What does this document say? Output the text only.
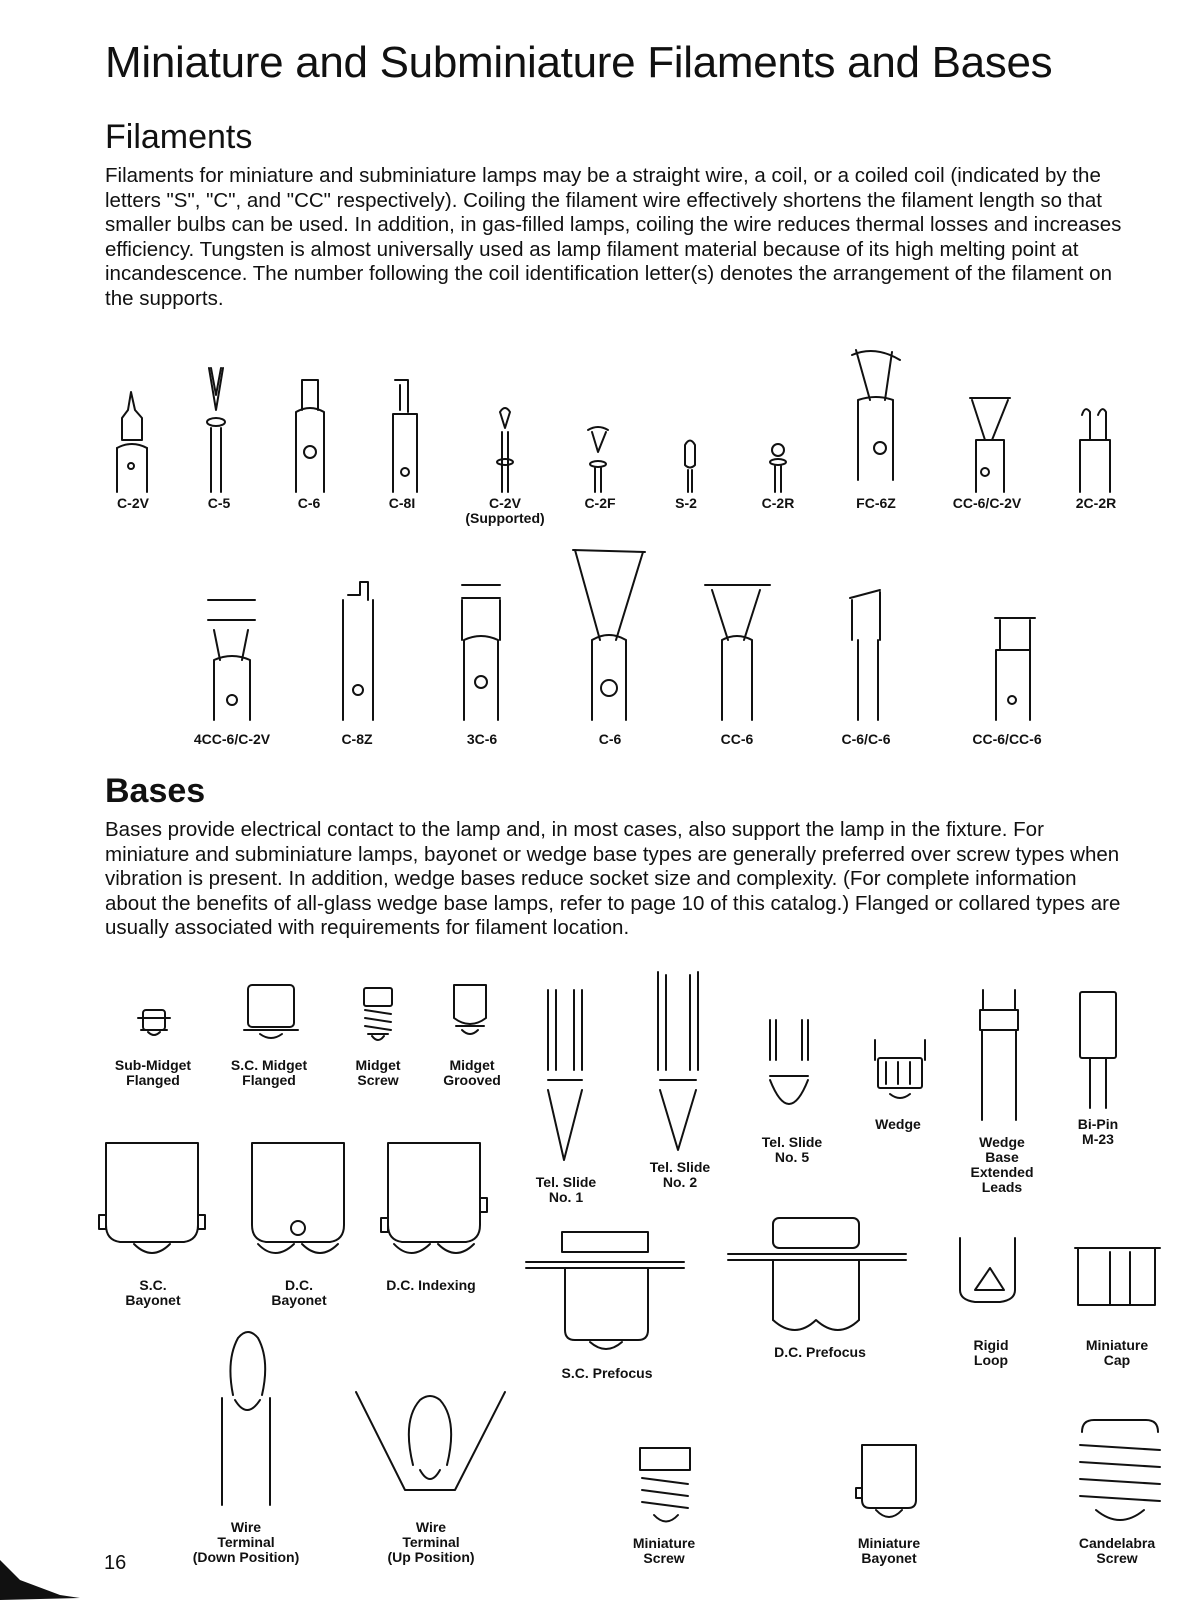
Miniature and Subminiature Filaments and Bases
Filaments

Filaments for miniature and subminiature lamps may be a straight wire, a coil, or a coiled coil (indicated by the letters "S", "C", and "CC" respectively). Coiling the filament wire effectively shortens the filament length so that smaller bulbs can be used. In addition, in gas-filled lamps, coiling the wire reduces thermal losses and increases efficiency. Tungsten is almost universally used as lamp filament material because of its high melting point at incandescence. The number following the coil identification letter(s) denotes the arrangement of the filament on the supports.

Bases

Bases provide electrical contact to the lamp and, in most cases, also support the lamp in the fixture. For miniature and subminiature lamps, bayonet or wedge base types are generally preferred over screw types when vibration is present. In addition, wedge bases reduce socket size and complexity. (For complete information about the benefits of all-glass wedge base lamps, refer to page 10 of this catalog.) Flanged or collared types are usually associated with requirements for filament location.

C-2V	C-5	C-6	C-8I	C-2V
(Supported)
C-2F	S-2	C-2R	FC-6Z	CC-6/C-2V	2C-2R
4CC-6/C-2V	C-8Z	3C-6	C-6	CC-6	C-6/C-6	CC-6/CC-6
Sub-Midget
Flanged
S.C. Midget
Flanged
Midget
Screw
Midget
Grooved
Tel. Slide
No. 1
Tel. Slide
No. 2
Tel. Slide
No. 5
Wedge
Wedge
Base
Extended
Leads
Bi-Pin
M-23
S.C.
Bayonet
D.C.
Bayonet
D.C. Indexing
S.C. Prefocus
D.C. Prefocus	Rigid
Loop
Miniature
Cap
Wire
Terminal
(Down Position)
Wire
Terminal
(Up Position)
Miniature
Screw
Miniature
Bayonet
Candelabra
Screw
16
